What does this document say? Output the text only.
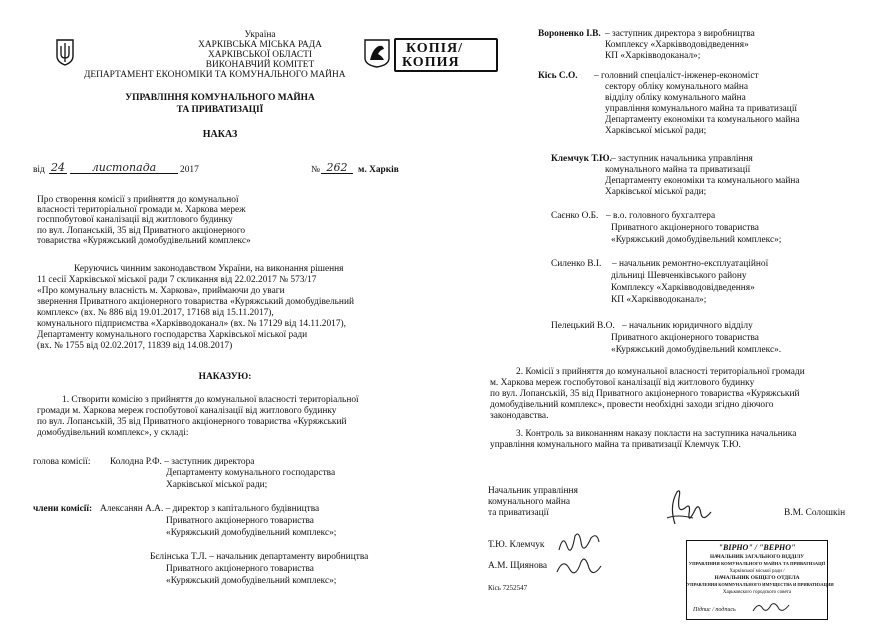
Україна
ХАРКІВСЬКА МІСЬКА РАДА
ХАРКІВСЬКОЇ ОБЛАСТІ
ВИКОНАВЧИЙ КОМІТЕТ
ДЕПАРТАМЕНТ ЕКОНОМІКИ ТА КОМУНАЛЬНОГО МАЙНА
КОПІЯ/
КОПИЯ
УПРАВЛІННЯ КОМУНАЛЬНОГО МАЙНА
ТА ПРИВАТИЗАЦІЇ
НАКАЗ
від 24	листопада	2017	№ 262	м. Харків
Про створення комісії з прийняття до комунальної
власності територіальної громади м. Харкова мереж
госппобутової каналізації від житлового будинку
по вул. Лопанській, 35 від Приватного акціонерного
товариства «Куряжський домобудівельний комплекс»
Керуючись чинним законодавством України, на виконання рішення
11 сесії Харківської міської ради 7 скликання від 22.02.2017 № 573/17
«Про комунальну власність м. Харкова», приймаючи до уваги
звернення Приватного акціонерного товариства «Куряжський домобудівельний
комплекс» (вх. № 886 від 19.01.2017, 17168 від 15.11.2017),
комунального підприємства «Харківводоканал» (вх. № 17129 від 14.11.2017),
Департаменту комунального господарства Харківської міської ради
(вх. № 1755 від 02.02.2017, 11839 від 14.08.2017)
НАКАЗУЮ:
1. Створити комісію з прийняття до комунальної власності територіальної
громади м. Харкова мереж госпобутової каналізації від житлового будинку
по вул. Лопанській, 35 від Приватного акціонерного товариства «Куряжський
домобудівельний комплекс», у складі:
голова комісії: Колодна Р.Ф. – заступник директора
Департаменту комунального господарства
Харківської міської ради;
члени комісії: Алексанян А.А. – директор з капітального будівництва
Приватного акціонерного товариства
«Куряжський домобудівельний комплекс»;
Бєлінська Т.Л. – начальник департаменту виробництва
Приватного акціонерного товариства
«Куряжський домобудівельний комплекс»;
Вороненко І.В. – заступник директора з виробництва
Комплексу «Харківводовідведення»
КП «Харківводоканал»;
Кісь С.О. – головний спеціаліст-інженер-економіст
сектору обліку комунального майна
відділу обліку комунального майна
управління комунального майна та приватизації
Департаменту економіки та комунального майна
Харківської міської ради;
Клемчук Т.Ю. – заступник начальника управління
комунального майна та приватизації
Департаменту економіки та комунального майна
Харківської міської ради;
Саєнко О.Б. – в.о. головного бухгалтера
Приватного акціонерного товариства
«Куряжський домобудівельний комплекс»;
Силенко В.І. – начальник ремонтно-експлуатаційної
дільниці Шевченківського району
Комплексу «Харківводовідведення»
КП «Харківводоканал»;
Пелецький В.О. – начальник юридичного відділу
Приватного акціонерного товариства
«Куряжський домобудівельний комплекс».
2. Комісії з прийняття до комунальної власності територіальної громади
м. Харкова мереж госпобутової каналізації від житлового будинку
по вул. Лопанській, 35 від Приватного акціонерного товариства «Куряжський
домобудівельний комплекс», провести необхідні заходи згідно діючого
законодавства.
3. Контроль за виконанням наказу покласти на заступника начальника
управління комунального майна та приватизації Клемчук Т.Ю.
Начальник управління
комунального майна
та приватизації	В.М. Солошкін
Т.Ю. Клемчук
А.М. Щиянова
Кісь 7252547
"ВІРНО" / "ВЕРНО"
НАЧАЛЬНИК ЗАГАЛЬНОГО ВІДДІЛУ
УПРАВЛІННЯ КОМУНАЛЬНОГО МАЙНА ТА ПРИВАТИЗАЦІЇ
Харківської міської ради /
НАЧАЛЬНИК ОБЩЕГО ОТДЕЛА
УПРАВЛЕНИЯ КОММУНАЛЬНОГО ИМУЩЕСТВА И ПРИВАТИЗАЦИИ
Харьковского городского совета
Підпис / подпись
